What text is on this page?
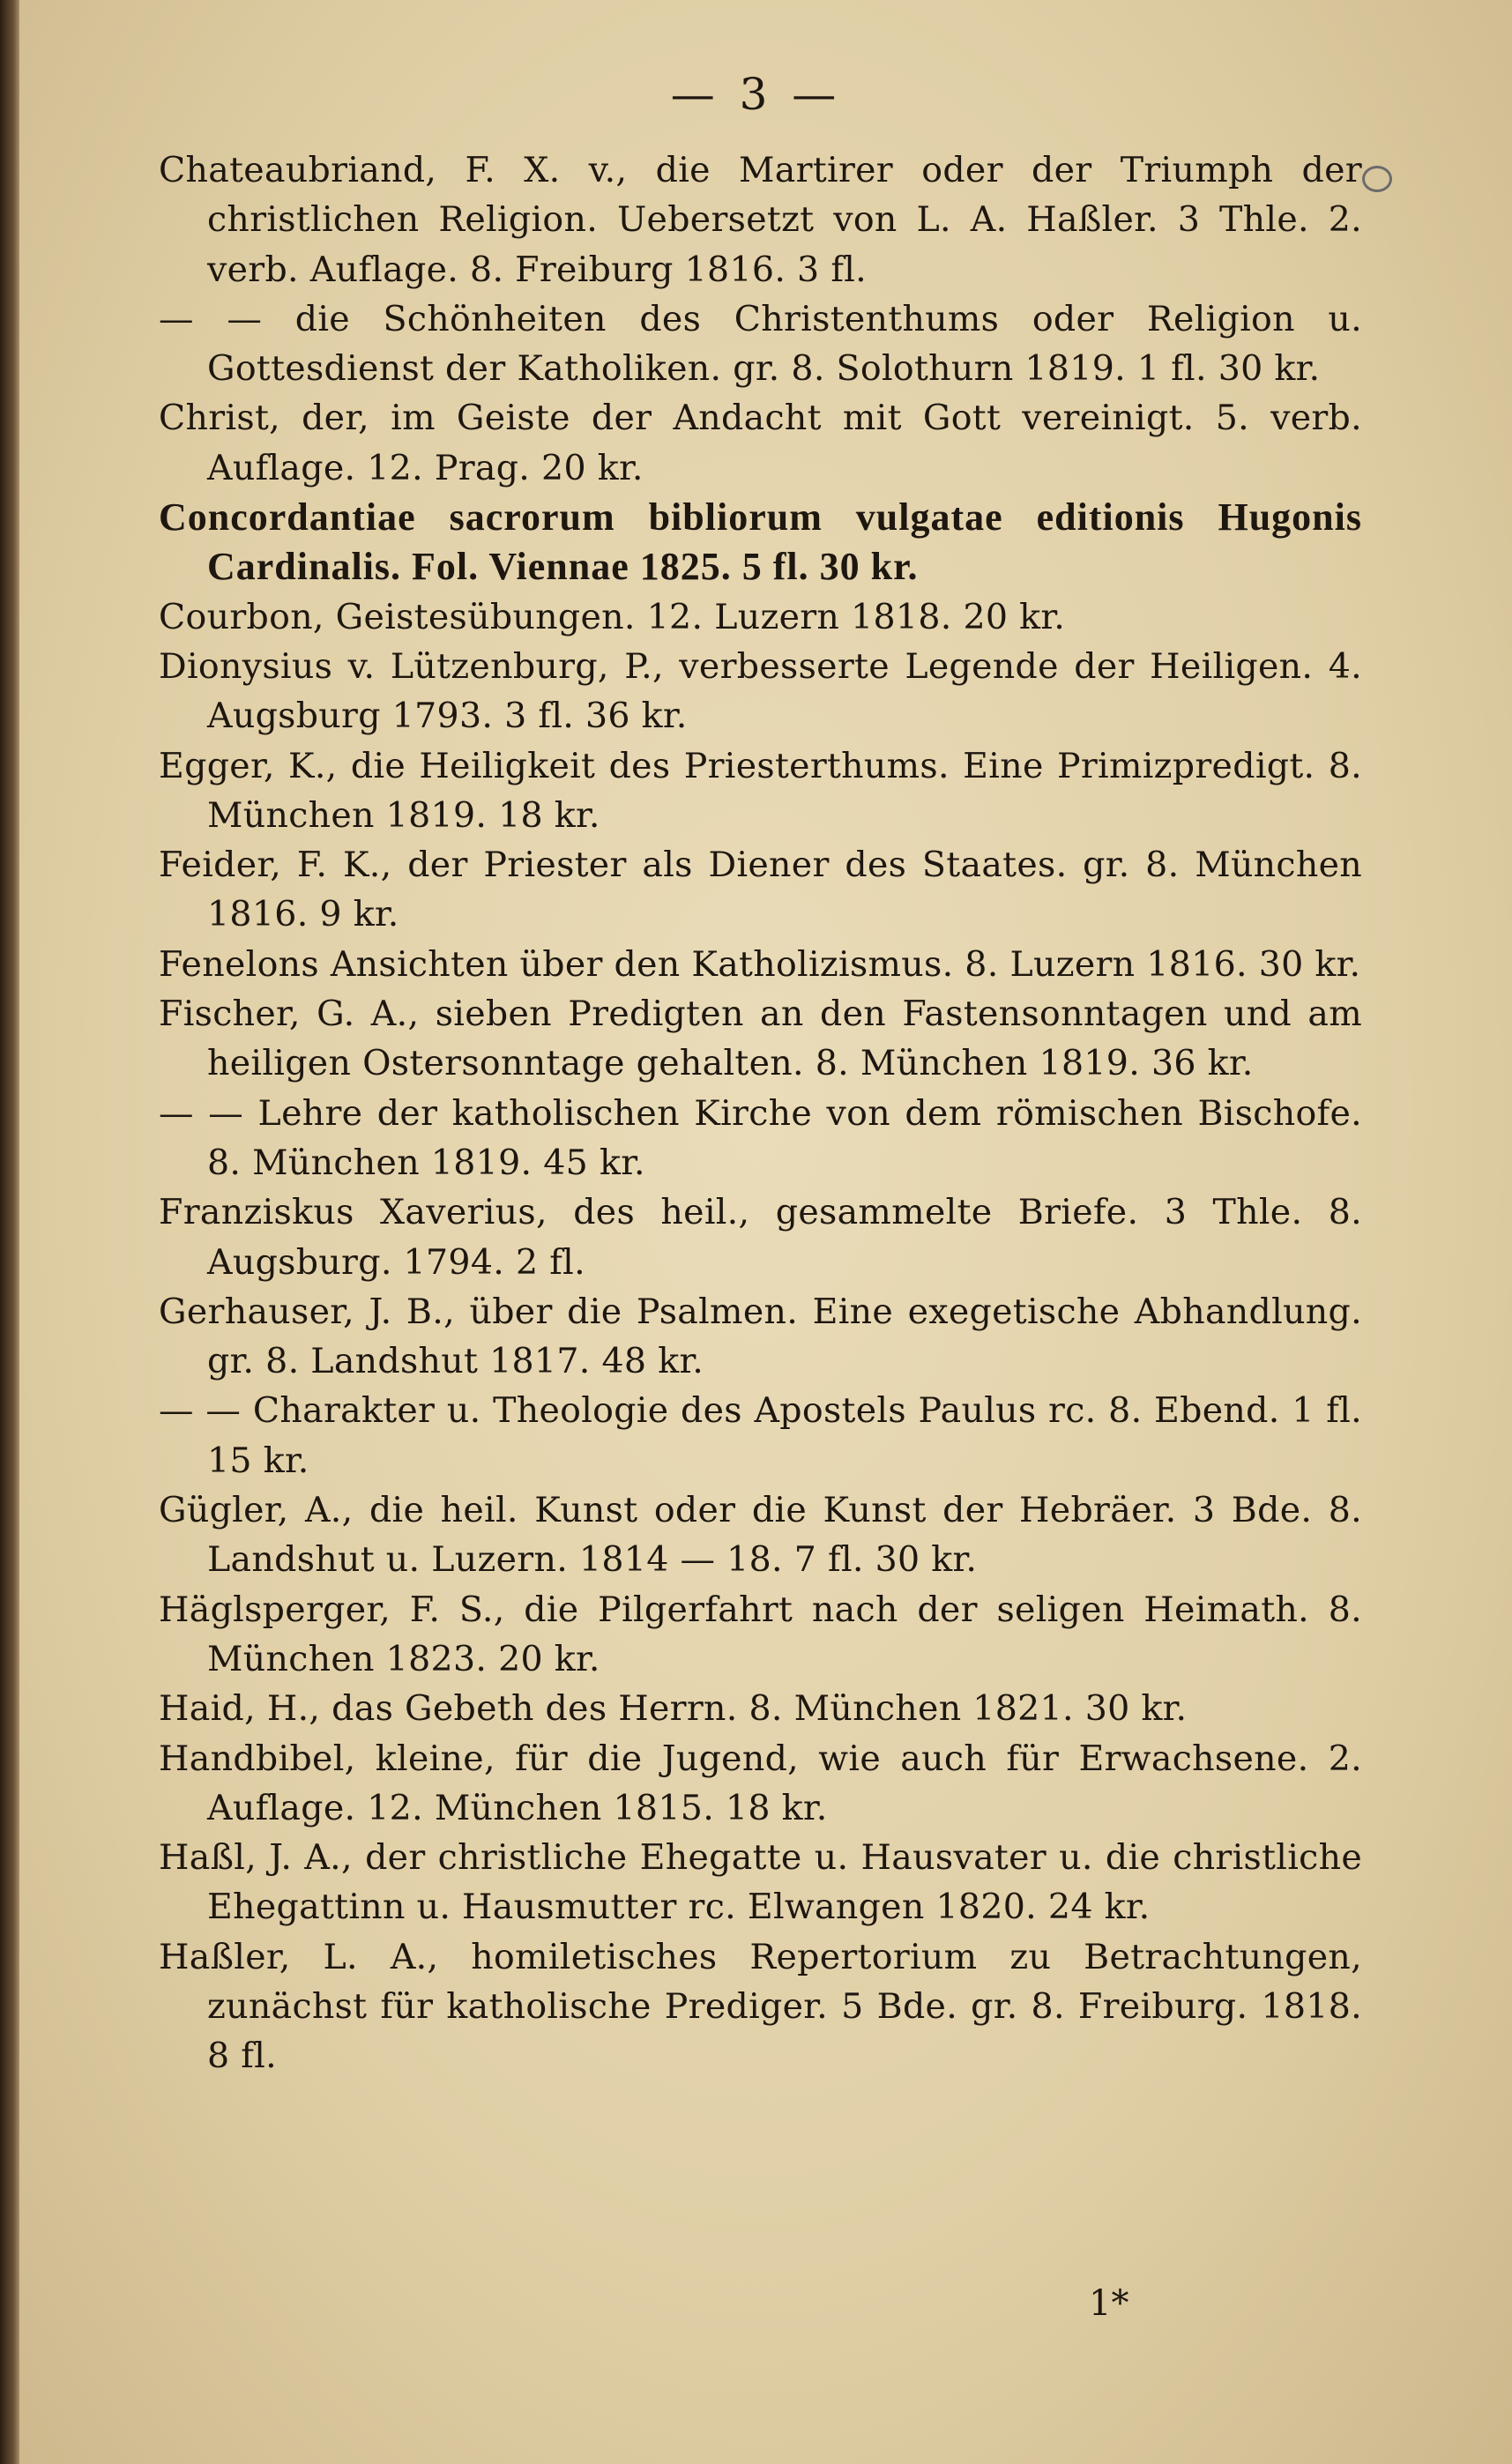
— 3 —
Chateaubriand, F. X. v., die Martirer oder der Triumph der christlichen Religion. Uebersetzt von L. A. Haßler. 3 Thle. 2. verb. Auflage. 8. Freiburg 1816. 3 fl.
— — die Schönheiten des Christenthums oder Religion u. Gottesdienst der Katholiken. gr. 8. Solothurn 1819. 1 fl. 30 kr.
Christ, der, im Geiste der Andacht mit Gott vereinigt. 5. verb. Auflage. 12. Prag. 20 kr.
Concordantiae sacrorum bibliorum vulgatae editionis Hugonis Cardinalis. Fol. Viennae 1825. 5 fl. 30 kr.
Courbon, Geistesübungen. 12. Luzern 1818. 20 kr.
Dionysius v. Lützenburg, P., verbesserte Legende der Heiligen. 4. Augsburg 1793. 3 fl. 36 kr.
Egger, K., die Heiligkeit des Priesterthums. Eine Primizpredigt. 8. München 1819. 18 kr.
Feider, F. K., der Priester als Diener des Staates. gr. 8. München 1816. 9 kr.
Fenelons Ansichten über den Katholizismus. 8. Luzern 1816. 30 kr.
Fischer, G. A., sieben Predigten an den Fastensonntagen und am heiligen Ostersonntage gehalten. 8. München 1819. 36 kr.
— — Lehre der katholischen Kirche von dem römischen Bischofe. 8. München 1819. 45 kr.
Franziskus Xaverius, des heil., gesammelte Briefe. 3 Thle. 8. Augsburg. 1794. 2 fl.
Gerhauser, J. B., über die Psalmen. Eine exegetische Abhandlung. gr. 8. Landshut 1817. 48 kr.
— — Charakter u. Theologie des Apostels Paulus rc. 8. Ebend. 1 fl. 15 kr.
Gügler, A., die heil. Kunst oder die Kunst der Hebräer. 3 Bde. 8. Landshut u. Luzern. 1814 — 18. 7 fl. 30 kr.
Häglsperger, F. S., die Pilgerfahrt nach der seligen Heimath. 8. München 1823. 20 kr.
Haid, H., das Gebeth des Herrn. 8. München 1821. 30 kr.
Handbibel, kleine, für die Jugend, wie auch für Erwachsene. 2. Auflage. 12. München 1815. 18 kr.
Haßl, J. A., der christliche Ehegatte u. Hausvater u. die christliche Ehegattinn u. Hausmutter rc. Elwangen 1820. 24 kr.
Haßler, L. A., homiletisches Repertorium zu Betrachtungen, zunächst für katholische Prediger. 5 Bde. gr. 8. Freiburg. 1818. 8 fl.
1*
